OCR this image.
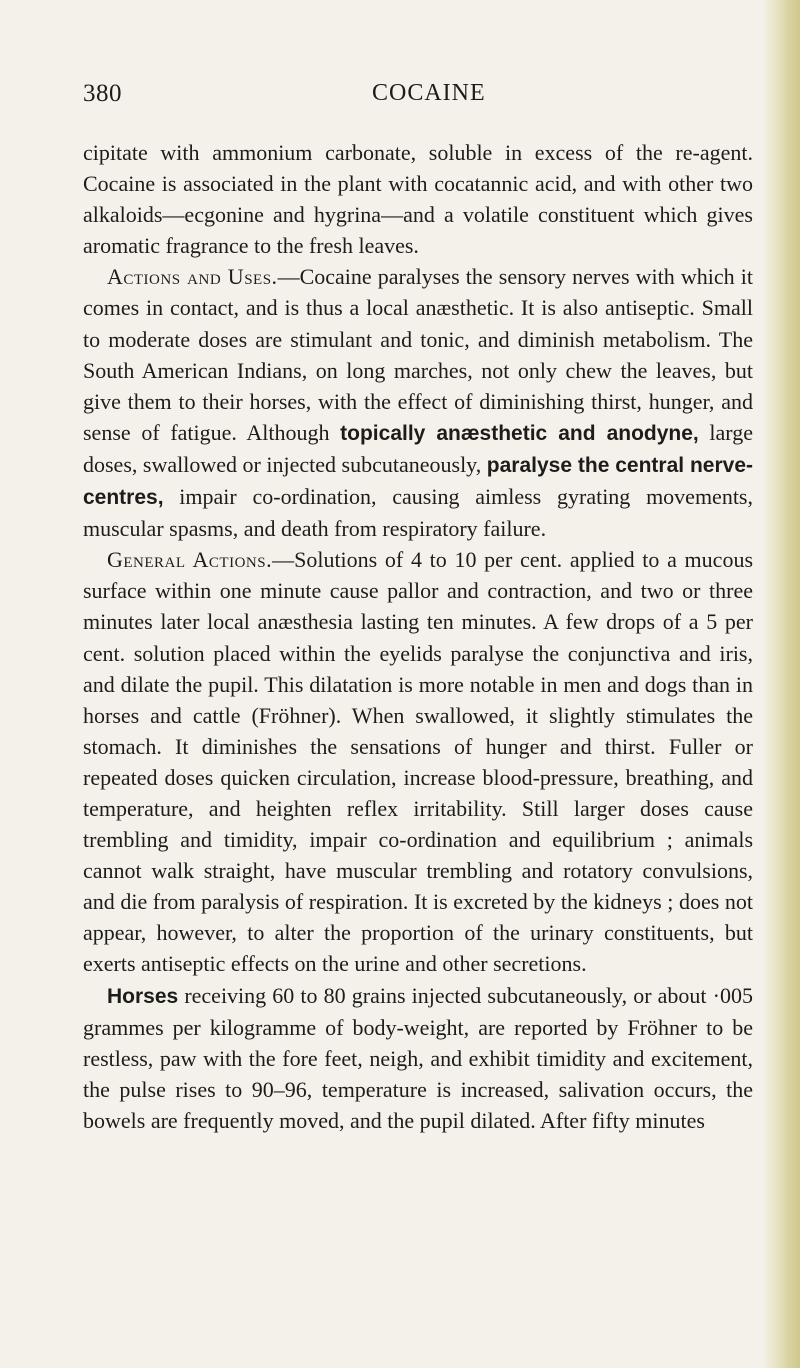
380	COCAINE

cipitate with ammonium carbonate, soluble in excess of the re-agent. Cocaine is associated in the plant with cocatannic acid, and with other two alkaloids—ecgonine and hygrina—and a volatile constituent which gives aromatic fragrance to the fresh leaves.

Actions and Uses.—Cocaine paralyses the sensory nerves with which it comes in contact, and is thus a local anæsthetic. It is also antiseptic. Small to moderate doses are stimulant and tonic, and diminish metabolism. The South American Indians, on long marches, not only chew the leaves, but give them to their horses, with the effect of diminishing thirst, hunger, and sense of fatigue. Although topically anæsthetic and anodyne, large doses, swallowed or injected subcutaneously, paralyse the central nerve-centres, impair co-ordination, causing aimless gyrating movements, muscular spasms, and death from respiratory failure.

General Actions.—Solutions of 4 to 10 per cent. applied to a mucous surface within one minute cause pallor and contraction, and two or three minutes later local anæsthesia lasting ten minutes. A few drops of a 5 per cent. solution placed within the eyelids paralyse the conjunctiva and iris, and dilate the pupil. This dilatation is more notable in men and dogs than in horses and cattle (Fröhner). When swallowed, it slightly stimulates the stomach. It diminishes the sensations of hunger and thirst. Fuller or repeated doses quicken circulation, increase blood-pressure, breathing, and temperature, and heighten reflex irritability. Still larger doses cause trembling and timidity, impair co-ordination and equilibrium ; animals cannot walk straight, have muscular trembling and rotatory convulsions, and die from paralysis of respiration. It is excreted by the kidneys ; does not appear, however, to alter the proportion of the urinary constituents, but exerts antiseptic effects on the urine and other secretions.

Horses receiving 60 to 80 grains injected subcutaneously, or about ·005 grammes per kilogramme of body-weight, are reported by Fröhner to be restless, paw with the fore feet, neigh, and exhibit timidity and excitement, the pulse rises to 90–96, temperature is increased, salivation occurs, the bowels are frequently moved, and the pupil dilated. After fifty minutes
